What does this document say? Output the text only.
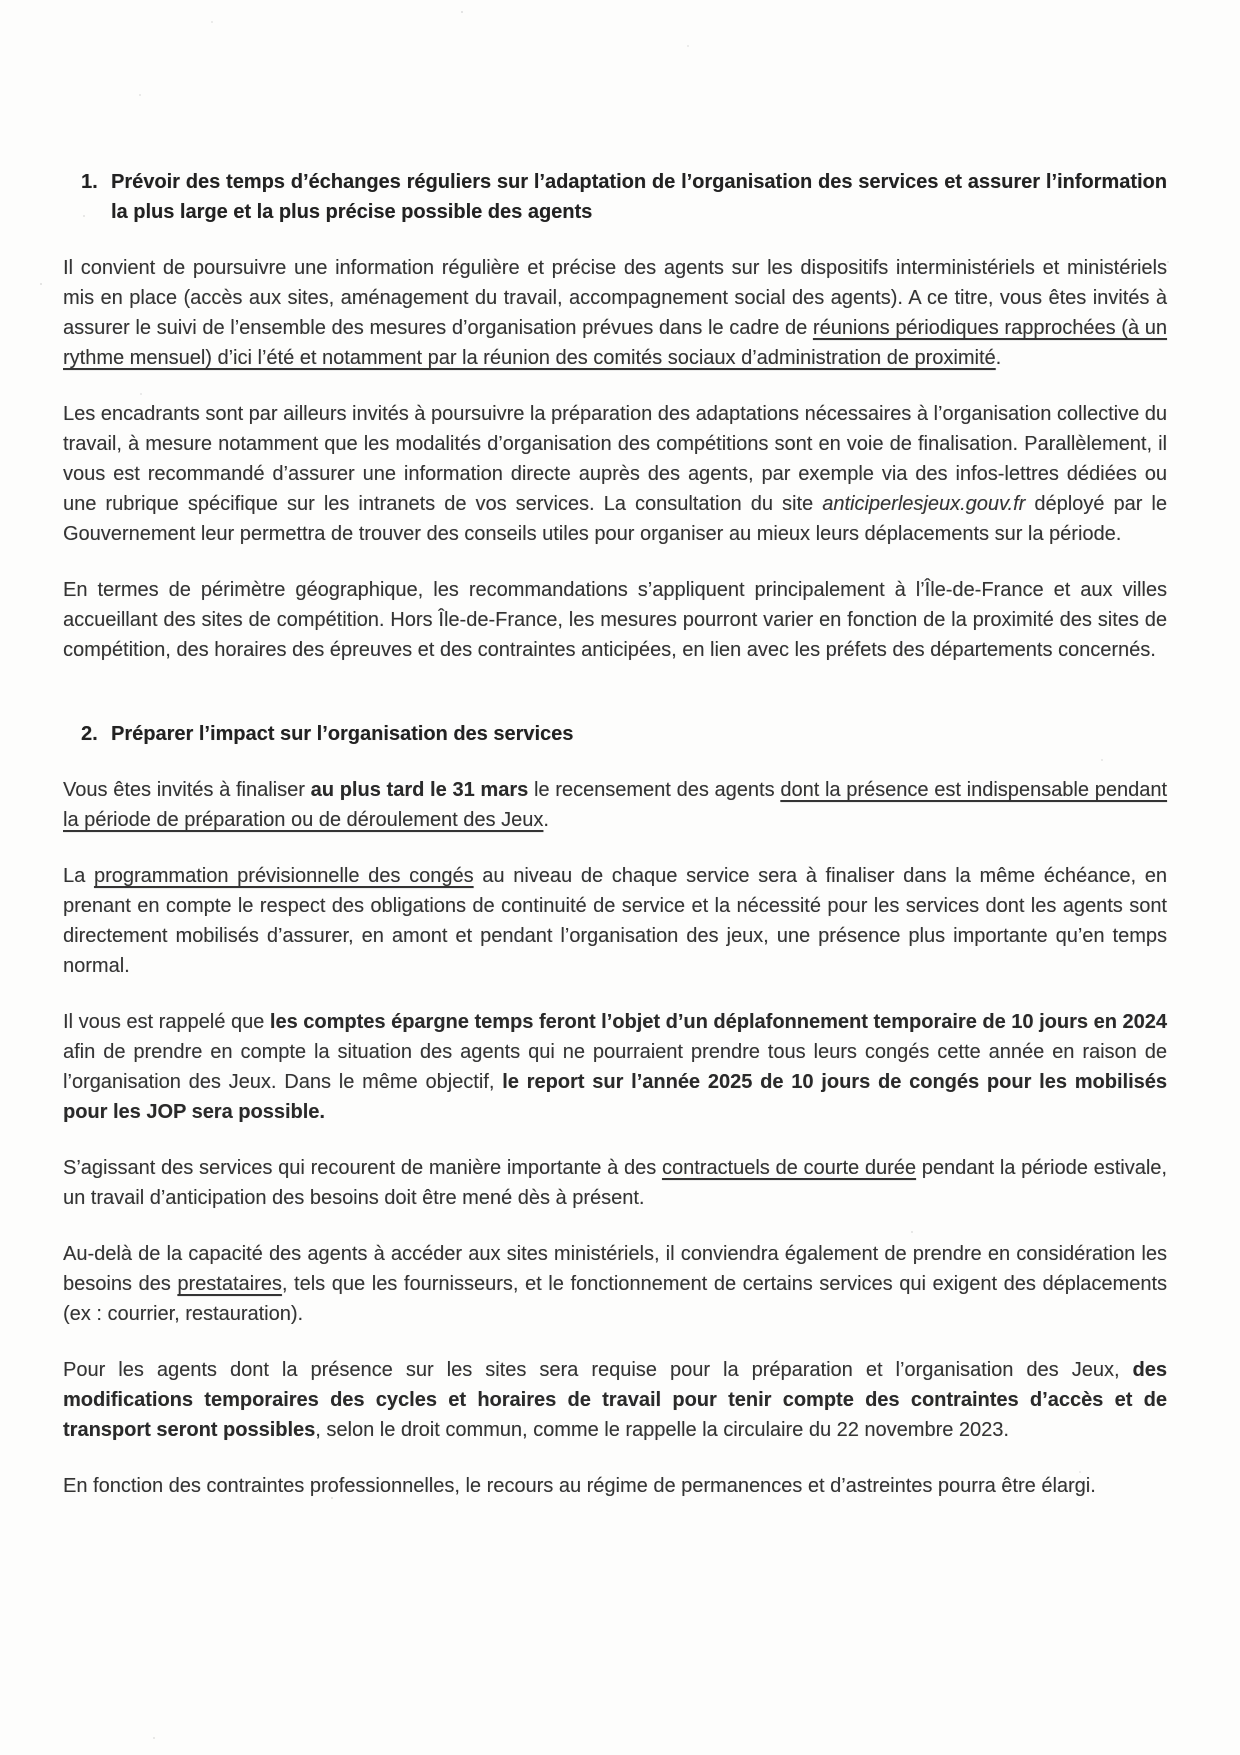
1. Prévoir des temps d’échanges réguliers sur l’adaptation de l’organisation des services et assurer l’information la plus large et la plus précise possible des agents

Il convient de poursuivre une information régulière et précise des agents sur les dispositifs interministériels et ministériels mis en place (accès aux sites, aménagement du travail, accompagnement social des agents). A ce titre, vous êtes invités à assurer le suivi de l’ensemble des mesures d’organisation prévues dans le cadre de réunions périodiques rapprochées (à un rythme mensuel) d’ici l’été et notamment par la réunion des comités sociaux d’administration de proximité.

Les encadrants sont par ailleurs invités à poursuivre la préparation des adaptations nécessaires à l’organisation collective du travail, à mesure notamment que les modalités d’organisation des compétitions sont en voie de finalisation. Parallèlement, il vous est recommandé d’assurer une information directe auprès des agents, par exemple via des infos-lettres dédiées ou une rubrique spécifique sur les intranets de vos services. La consultation du site anticiperlesjeux.gouv.fr déployé par le Gouvernement leur permettra de trouver des conseils utiles pour organiser au mieux leurs déplacements sur la période.

En termes de périmètre géographique, les recommandations s’appliquent principalement à l’Île-de-France et aux villes accueillant des sites de compétition. Hors Île-de-France, les mesures pourront varier en fonction de la proximité des sites de compétition, des horaires des épreuves et des contraintes anticipées, en lien avec les préfets des départements concernés.

2. Préparer l’impact sur l’organisation des services

Vous êtes invités à finaliser au plus tard le 31 mars le recensement des agents dont la présence est indispensable pendant la période de préparation ou de déroulement des Jeux.

La programmation prévisionnelle des congés au niveau de chaque service sera à finaliser dans la même échéance, en prenant en compte le respect des obligations de continuité de service et la nécessité pour les services dont les agents sont directement mobilisés d’assurer, en amont et pendant l’organisation des jeux, une présence plus importante qu’en temps normal.

Il vous est rappelé que les comptes épargne temps feront l’objet d’un déplafonnement temporaire de 10 jours en 2024 afin de prendre en compte la situation des agents qui ne pourraient prendre tous leurs congés cette année en raison de l’organisation des Jeux. Dans le même objectif, le report sur l’année 2025 de 10 jours de congés pour les mobilisés pour les JOP sera possible.

S’agissant des services qui recourent de manière importante à des contractuels de courte durée pendant la période estivale, un travail d’anticipation des besoins doit être mené dès à présent.

Au-delà de la capacité des agents à accéder aux sites ministériels, il conviendra également de prendre en considération les besoins des prestataires, tels que les fournisseurs, et le fonctionnement de certains services qui exigent des déplacements (ex : courrier, restauration).

Pour les agents dont la présence sur les sites sera requise pour la préparation et l’organisation des Jeux, des modifications temporaires des cycles et horaires de travail pour tenir compte des contraintes d’accès et de transport seront possibles, selon le droit commun, comme le rappelle la circulaire du 22 novembre 2023.

En fonction des contraintes professionnelles, le recours au régime de permanences et d’astreintes pourra être élargi.
